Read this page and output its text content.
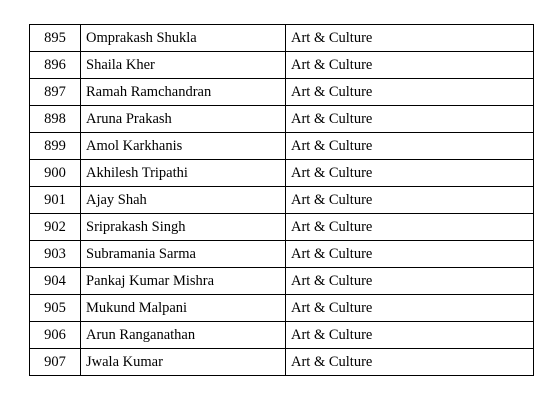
895	Omprakash Shukla	Art & Culture
896	Shaila Kher	Art & Culture
897	Ramah Ramchandran	Art & Culture
898	Aruna Prakash	Art & Culture
899	Amol Karkhanis	Art & Culture
900	Akhilesh Tripathi	Art & Culture
901	Ajay Shah	Art & Culture
902	Sriprakash Singh	Art & Culture
903	Subramania Sarma	Art & Culture
904	Pankaj Kumar Mishra	Art & Culture
905	Mukund Malpani	Art & Culture
906	Arun Ranganathan	Art & Culture
907	Jwala Kumar	Art & Culture
